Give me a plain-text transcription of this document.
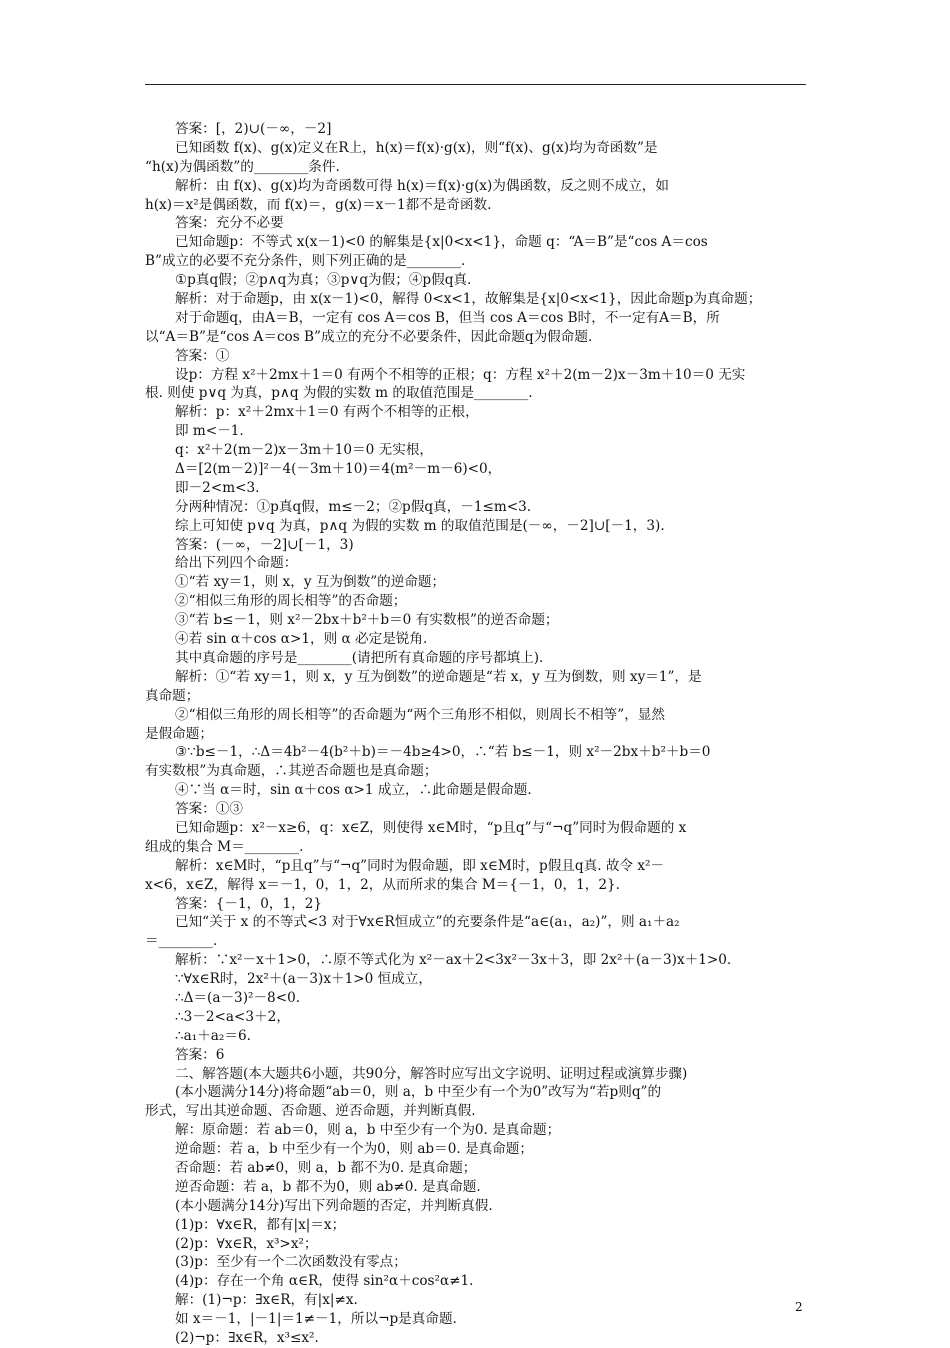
答案：[，2)∪(－∞，－2]
已知函数 f(x)、g(x)定义在R上，h(x)＝f(x)·g(x)，则“f(x)、g(x)均为奇函数”是
“h(x)为偶函数”的________条件.
解析：由 f(x)、g(x)均为奇函数可得 h(x)＝f(x)·g(x)为偶函数，反之则不成立，如
h(x)＝x²是偶函数，而 f(x)＝，g(x)＝x－1都不是奇函数.
答案：充分不必要
已知命题p：不等式 x(x－1)<0 的解集是{x|0<x<1}，命题 q：“A＝B”是“cos A＝cos
B”成立的必要不充分条件，则下列正确的是________.
①p真q假；②p∧q为真；③p∨q为假；④p假q真.
解析：对于命题p，由 x(x－1)<0，解得 0<x<1，故解集是{x|0<x<1}，因此命题p为真命题；
对于命题q，由A＝B，一定有 cos A＝cos B，但当 cos A＝cos B时，不一定有A＝B，所
以“A＝B”是“cos A＝cos B”成立的充分不必要条件，因此命题q为假命题.
答案：①
设p：方程 x²＋2mx＋1＝0 有两个不相等的正根；q：方程 x²＋2(m－2)x－3m＋10＝0 无实
根. 则使 p∨q 为真，p∧q 为假的实数 m 的取值范围是________.
解析：p：x²＋2mx＋1＝0 有两个不相等的正根，
即 m<－1.
q：x²＋2(m－2)x－3m＋10＝0 无实根，
Δ＝[2(m－2)]²－4(－3m＋10)＝4(m²－m－6)<0，
即－2<m<3.
分两种情况：①p真q假，m≤－2；②p假q真，－1≤m<3.
综上可知使 p∨q 为真，p∧q 为假的实数 m 的取值范围是(－∞，－2]∪[－1，3).
答案：(－∞，－2]∪[－1，3)
给出下列四个命题：
①“若 xy＝1，则 x，y 互为倒数”的逆命题；
②“相似三角形的周长相等”的否命题；
③“若 b≤－1，则 x²－2bx＋b²＋b＝0 有实数根”的逆否命题；
④若 sin α＋cos α>1，则 α 必定是锐角.
其中真命题的序号是________(请把所有真命题的序号都填上).
解析：①“若 xy＝1，则 x，y 互为倒数”的逆命题是“若 x，y 互为倒数，则 xy＝1”，是
真命题；
②“相似三角形的周长相等”的否命题为“两个三角形不相似，则周长不相等”，显然
是假命题；
③∵b≤－1，∴Δ＝4b²－4(b²＋b)＝－4b≥4>0，∴“若 b≤－1，则 x²－2bx＋b²＋b＝0
有实数根”为真命题，∴其逆否命题也是真命题；
④∵当 α＝时，sin α＋cos α>1 成立，∴此命题是假命题.
答案：①③
已知命题p：x²－x≥6，q：x∈Z，则使得 x∈M时，“p且q”与“¬q”同时为假命题的 x
组成的集合 M＝________.
解析：x∈M时，“p且q”与“¬q”同时为假命题，即 x∈M时，p假且q真. 故令 x²－
x<6，x∈Z，解得 x＝－1，0，1，2，从而所求的集合 M＝{－1，0，1，2}.
答案：{－1，0，1，2}
已知“关于 x 的不等式<3 对于∀x∈R恒成立”的充要条件是“a∈(a₁，a₂)”，则 a₁＋a₂
＝________.
解析：∵x²－x＋1>0，∴原不等式化为 x²－ax＋2<3x²－3x＋3，即 2x²＋(a－3)x＋1>0.
∵∀x∈R时，2x²＋(a－3)x＋1>0 恒成立，
∴Δ＝(a－3)²－8<0.
∴3－2<a<3＋2，
∴a₁＋a₂＝6.
答案：6
二、解答题(本大题共6小题，共90分，解答时应写出文字说明、证明过程或演算步骤)
(本小题满分14分)将命题“ab＝0，则 a，b 中至少有一个为0”改写为“若p则q”的
形式，写出其逆命题、否命题、逆否命题，并判断真假.
解：原命题：若 ab＝0，则 a，b 中至少有一个为0. 是真命题；
逆命题：若 a，b 中至少有一个为0，则 ab＝0. 是真命题；
否命题：若 ab≠0，则 a，b 都不为0. 是真命题；
逆否命题：若 a，b 都不为0，则 ab≠0. 是真命题.
(本小题满分14分)写出下列命题的否定，并判断真假.
(1)p：∀x∈R，都有|x|＝x；
(2)p：∀x∈R，x³>x²；
(3)p：至少有一个二次函数没有零点；
(4)p：存在一个角 α∈R，使得 sin²α＋cos²α≠1.
解：(1)¬p：∃x∈R，有|x|≠x.
如 x＝－1，|－1|＝1≠－1，所以¬p是真命题.
(2)¬p：∃x∈R，x³≤x².
2
